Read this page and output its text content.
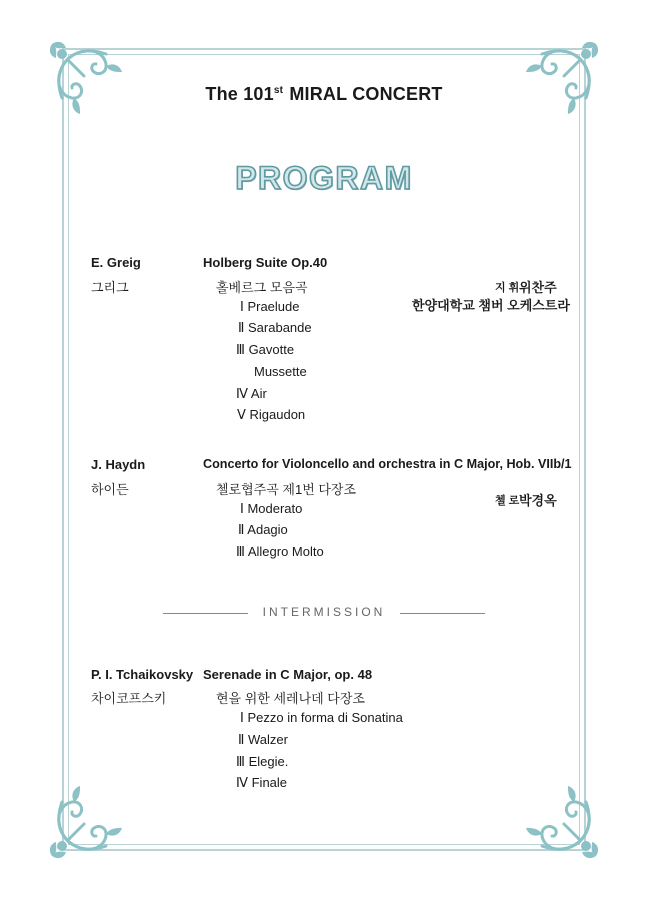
The 101st MIRAL CONCERT
PROGRAM
E. Greig
그리그
Holberg Suite Op.40
홀베르그 모음곡
Ⅰ Praelude
Ⅱ Sarabande
Ⅲ Gavotte
Mussette
Ⅳ Air
Ⅴ Rigaudon
지 휘 위찬주
한양대학교 챔버 오케스트라
J. Haydn
하이든
Concerto for Violoncello and orchestra in C Major, Hob. VIIb/1
첼로협주곡 제1번 다장조
Ⅰ Moderato
Ⅱ Adagio
Ⅲ Allegro Molto
첼 로 박경옥
INTERMISSION
P. I. Tchaikovsky
차이코프스키
Serenade in C Major, op. 48
현을 위한 세레나데 다장조
Ⅰ Pezzo in forma di Sonatina
Ⅱ Walzer
Ⅲ Elegie.
Ⅳ Finale
